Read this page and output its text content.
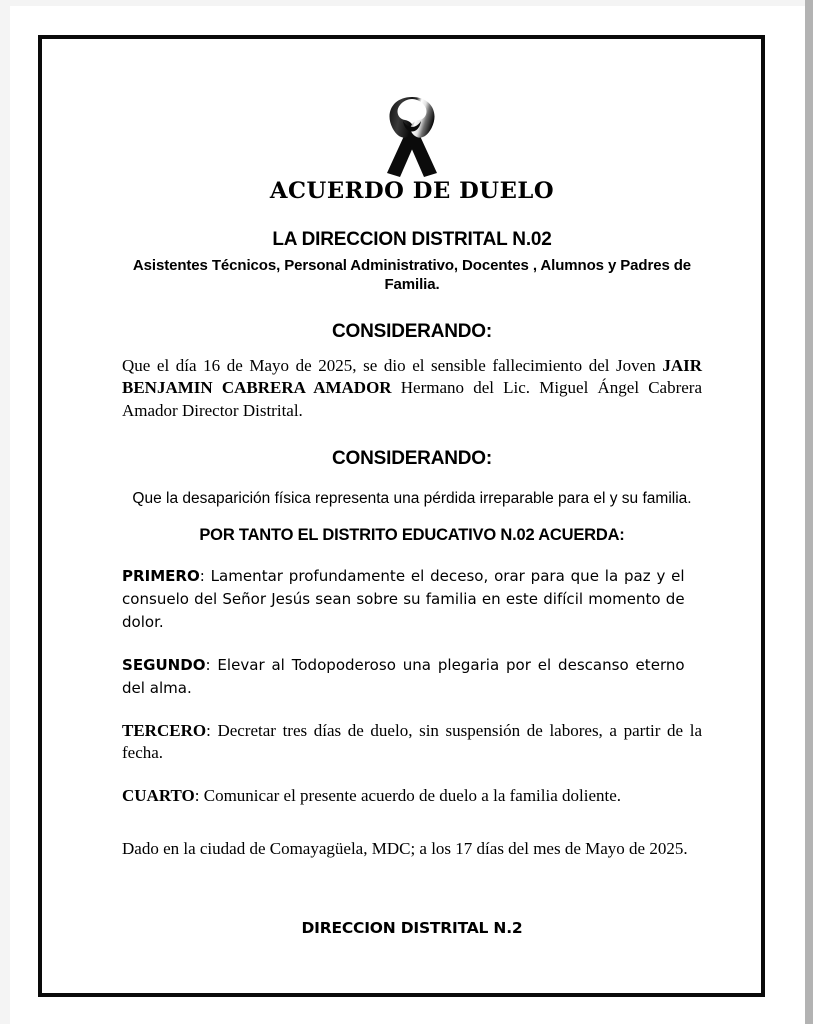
ACUERDO DE DUELO
LA DIRECCION DISTRITAL N.02
Asistentes Técnicos, Personal Administrativo, Docentes , Alumnos y Padres de Familia.
CONSIDERANDO:

Que el día 16 de Mayo de 2025, se dio el sensible fallecimiento del Joven JAIR BENJAMIN CABRERA AMADOR Hermano del Lic. Miguel Ángel Cabrera Amador Director Distrital.

CONSIDERANDO:

Que la desaparición física representa una pérdida irreparable para el y su familia.

POR TANTO EL DISTRITO EDUCATIVO N.02 ACUERDA:

PRIMERO: Lamentar profundamente el deceso, orar para que la paz y el consuelo del Señor Jesús sean sobre su familia en este difícil momento de dolor.

SEGUNDO: Elevar al Todopoderoso una plegaria por el descanso eterno del alma.

TERCERO: Decretar tres días de duelo, sin suspensión de labores, a partir de la fecha.

CUARTO: Comunicar el presente acuerdo de duelo a la familia doliente.

Dado en la ciudad de Comayagüela, MDC; a los 17 días del mes de Mayo de 2025.

DIRECCION DISTRITAL N.2
